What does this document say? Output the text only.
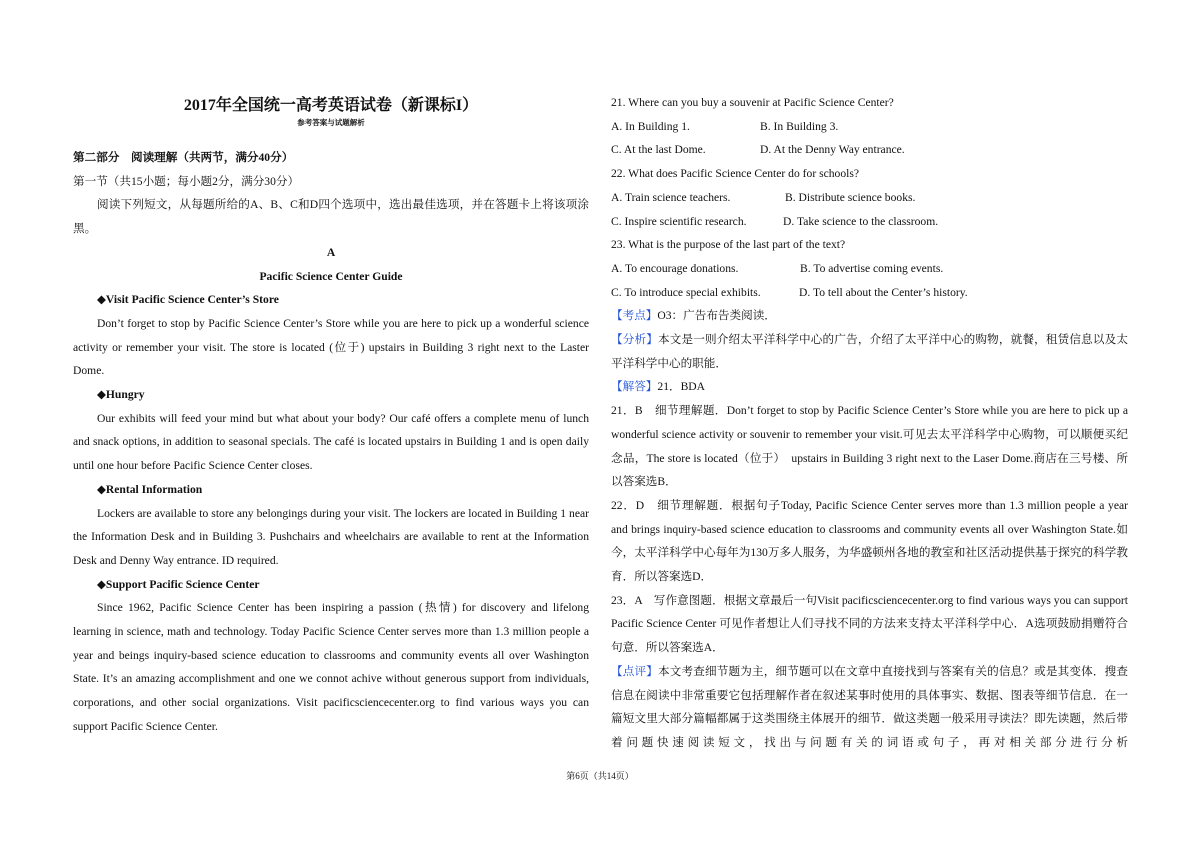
2017年全国统一高考英语试卷（新课标I）

参考答案与试题解析

第二部分　阅读理解（共两节，满分40分）

第一节（共15小题；每小题2分，满分30分）

阅读下列短文，从每题所给的A、B、C和D四个选项中，选出最佳选项，并在答题卡上将该项涂黑。

A

Pacific Science Center Guide

◆Visit Pacific Science Center’s Store

Don’t forget to stop by Pacific Science Center’s Store while you are here to pick up a wonderful science activity or remember your visit. The store is located (位于) upstairs in Building 3 right next to the Laster Dome.

◆Hungry

Our exhibits will feed your mind but what about your body? Our café offers a complete menu of lunch and snack options, in addition to seasonal specials. The café is located upstairs in Building 1 and is open daily until one hour before Pacific Science Center closes.

◆Rental Information

Lockers are available to store any belongings during your visit. The lockers are located in Building 1 near the Information Desk and in Building 3. Pushchairs and wheelchairs are available to rent at the Information Desk and Denny Way entrance. ID required.

◆Support Pacific Science Center

Since 1962, Pacific Science Center has been inspiring a passion (热情) for discovery and lifelong learning in science, math and technology. Today Pacific Science Center serves more than 1.3 million people a year and beings inquiry-based science education to classrooms and community events all over Washington State. It’s an amazing accomplishment and one we connot achive without generous support from individuals, corporations, and other social organizations. Visit pacificsciencecenter.org to find various ways you can support Pacific Science Center.

21. Where can you buy a souvenir at Pacific Science Center?

A. In Building 1.	B. In Building 3.

C. At the last Dome.	D. At the Denny Way entrance.

22. What does Pacific Science Center do for schools?

A. Train science teachers.	B. Distribute science books.

C. Inspire scientific research.	D. Take science to the classroom.

23. What is the purpose of the last part of the text?

A. To encourage donations.	B. To advertise coming events.

C. To introduce special exhibits.	D. To tell about the Center’s history.

【考点】O3：广告布告类阅读．

【分析】本文是一则介绍太平洋科学中心的广告，介绍了太平洋中心的购物，就餐，租赁信息以及太平洋科学中心的职能．

【解答】21．BDA

21．B　细节理解题．Don’t forget to stop by Pacific Science Center’s Store while you are here to pick up a wonderful science activity or souvenir to remember your visit.可见去太平洋科学中心购物，可以顺便买纪念品，The store is located（位于）　upstairs in Building 3 right next to the Laser Dome.商店在三号楼、所以答案选B．

22．D　细节理解题．根据句子Today, Pacific Science Center serves more than 1.3 million people a year and brings inquiry-based science education to classrooms and community events all over Washington State.如今，太平洋科学中心每年为130万多人服务，为华盛顿州各地的教室和社区活动提供基于探究的科学教育．所以答案选D．

23．A　写作意图题．根据文章最后一句Visit pacificsciencecenter.org to find various ways you can support Pacific Science Center 可见作者想让人们寻找不同的方法来支持太平洋科学中心．A选项鼓励捐赠符合句意．所以答案选A．

【点评】本文考查细节题为主，细节题可以在文章中直接找到与答案有关的信息？或是其变体．搜查信息在阅读中非常重要它包括理解作者在叙述某事时使用的具体事实、数据、图表等细节信息．在一篇短文里大部分篇幅都属于这类围绕主体展开的细节．做这类题一般采用寻读法？即先读题，然后带着问题快速阅读短文，找出与问题有关的词语或句子，再对相关部分进行分析

第6页（共14页）
